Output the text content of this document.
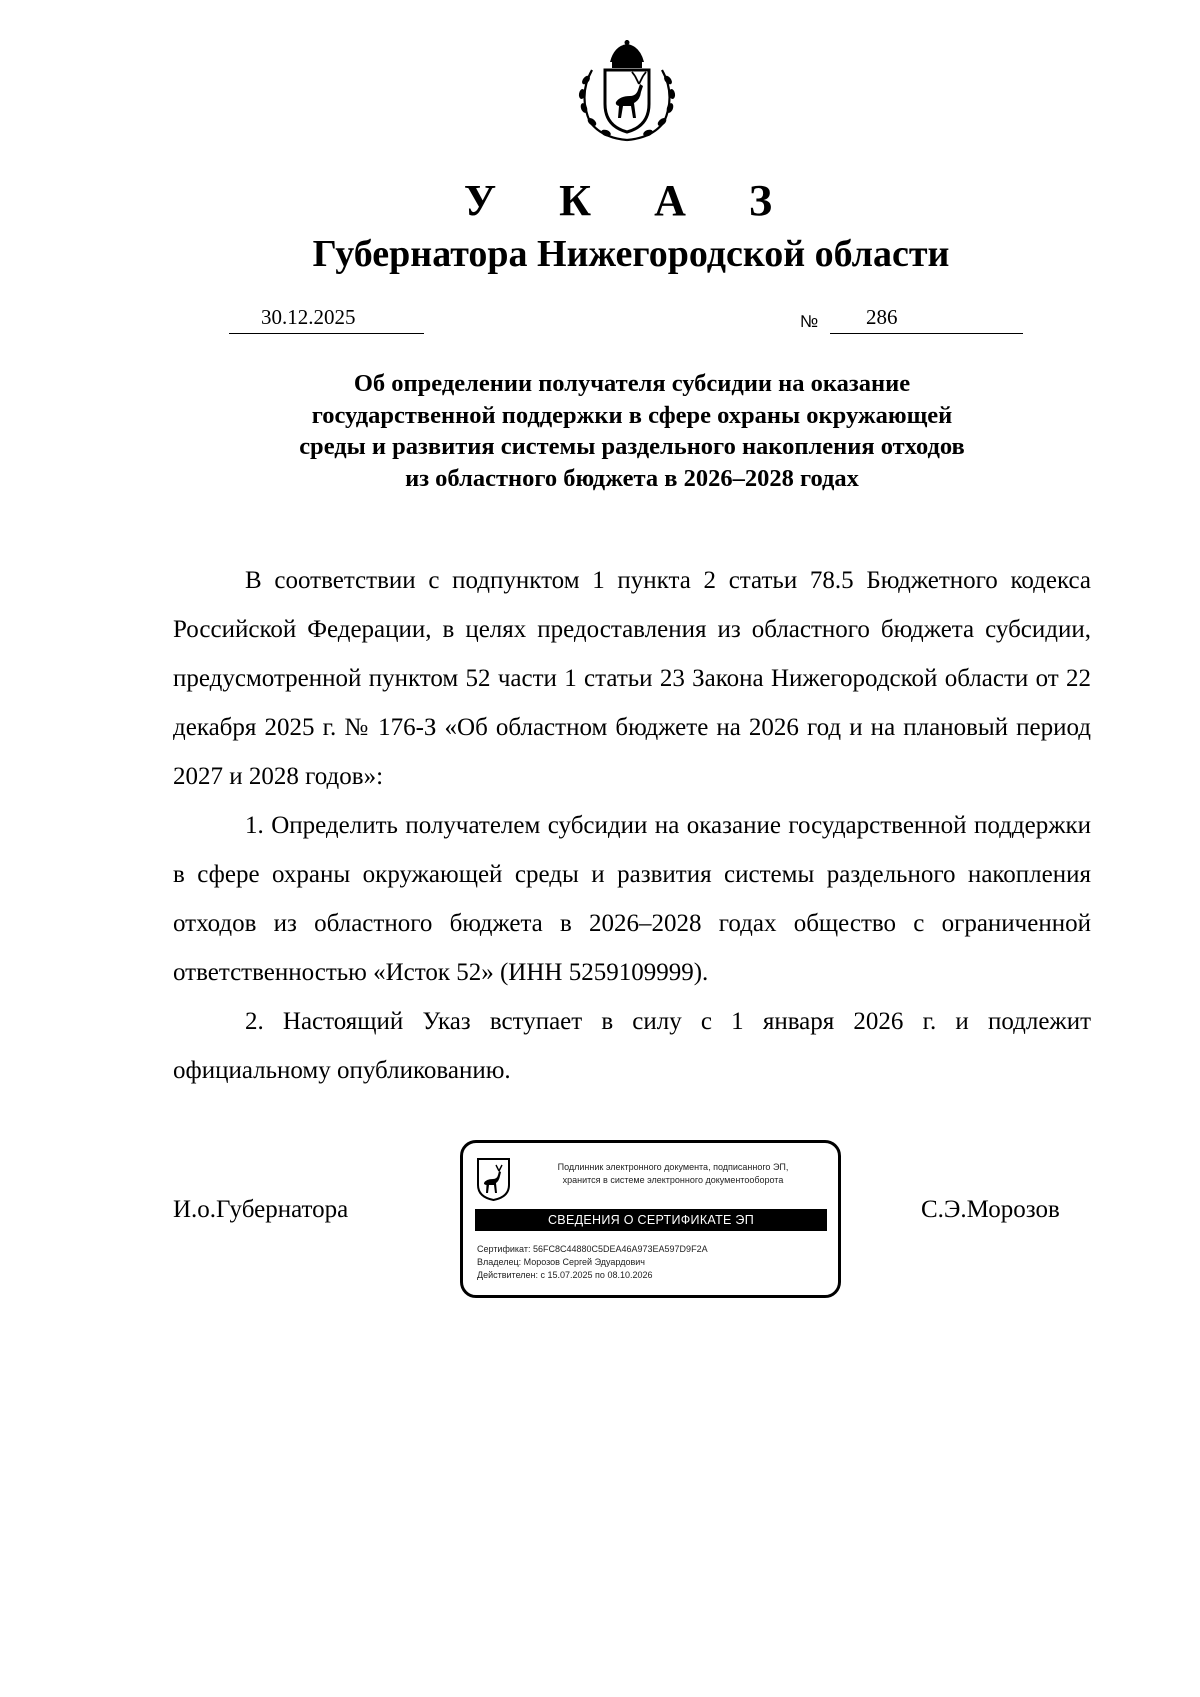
У К А З
Губернатора Нижегородской области
30.12.2025	№ 286
Об определении получателя субсидии на оказание
государственной поддержки в сфере охраны окружающей
среды и развития системы раздельного накопления отходов
из областного бюджета в 2026–2028 годах

В соответствии с подпунктом 1 пункта 2 статьи 78.5 Бюджетного кодекса Российской Федерации, в целях предоставления из областного бюджета субсидии, предусмотренной пунктом 52 части 1 статьи 23 Закона Нижегородской области от 22 декабря 2025 г. № 176-З «Об областном бюджете на 2026 год и на плановый период 2027 и 2028 годов»:

1. Определить получателем субсидии на оказание государственной поддержки в сфере охраны окружающей среды и развития системы раздельного накопления отходов из областного бюджета в 2026–2028 годах общество с ограниченной ответственностью «Исток 52» (ИНН 5259109999).

2. Настоящий Указ вступает в силу с 1 января 2026 г. и подлежит официальному опубликованию.

И.о.Губернатора
Подлинник электронного документа, подписанного ЭП,
хранится в системе электронного документооборота
СВЕДЕНИЯ О СЕРТИФИКАТЕ ЭП
Сертификат: 56FC8C44880C5DEA46A973EA597D9F2A
Владелец: Морозов Сергей Эдуардович
Действителен: с 15.07.2025 по 08.10.2026
С.Э.Морозов
